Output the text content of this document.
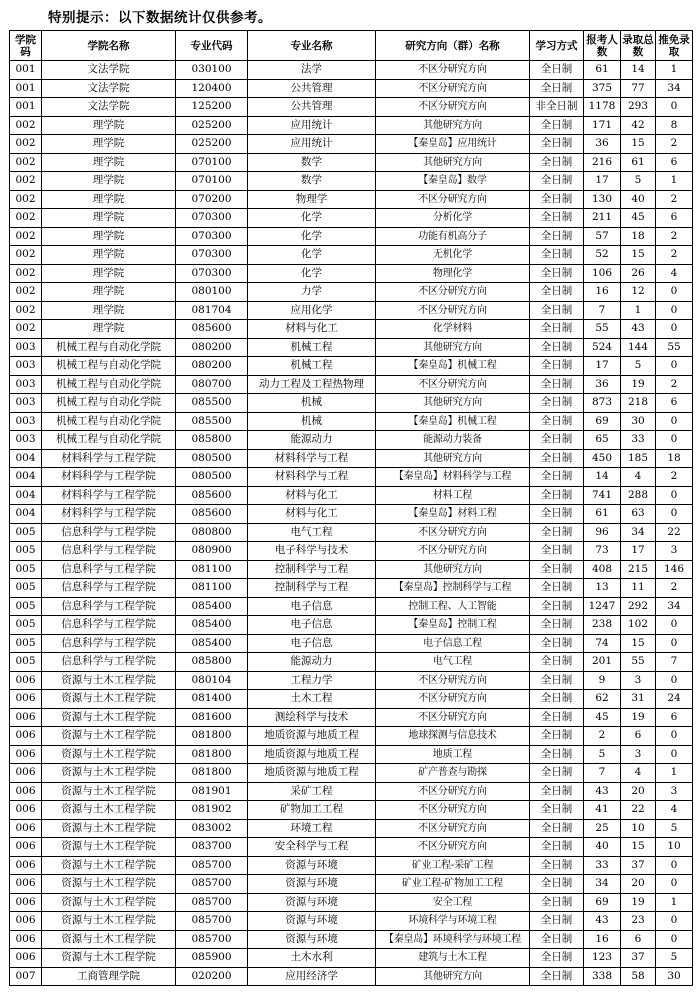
特别提示：以下数据统计仅供参考。
学院码	学院名称	专业代码	专业名称	研究方向（群）名称	学习方式	报考人数	录取总数	推免录取
001	文法学院	030100	法学	不区分研究方向	全日制	61	14	1
001	文法学院	120400	公共管理	不区分研究方向	全日制	375	77	34
001	文法学院	125200	公共管理	不区分研究方向	非全日制	1178	293	0
002	理学院	025200	应用统计	其他研究方向	全日制	171	42	8
002	理学院	025200	应用统计	【秦皇岛】应用统计	全日制	36	15	2
002	理学院	070100	数学	其他研究方向	全日制	216	61	6
002	理学院	070100	数学	【秦皇岛】数学	全日制	17	5	1
002	理学院	070200	物理学	不区分研究方向	全日制	130	40	2
002	理学院	070300	化学	分析化学	全日制	211	45	6
002	理学院	070300	化学	功能有机高分子	全日制	57	18	2
002	理学院	070300	化学	无机化学	全日制	52	15	2
002	理学院	070300	化学	物理化学	全日制	106	26	4
002	理学院	080100	力学	不区分研究方向	全日制	16	12	0
002	理学院	081704	应用化学	不区分研究方向	全日制	7	1	0
002	理学院	085600	材料与化工	化学材料	全日制	55	43	0
003	机械工程与自动化学院	080200	机械工程	其他研究方向	全日制	524	144	55
003	机械工程与自动化学院	080200	机械工程	【秦皇岛】机械工程	全日制	17	5	0
003	机械工程与自动化学院	080700	动力工程及工程热物理	不区分研究方向	全日制	36	19	2
003	机械工程与自动化学院	085500	机械	其他研究方向	全日制	873	218	6
003	机械工程与自动化学院	085500	机械	【秦皇岛】机械工程	全日制	69	30	0
003	机械工程与自动化学院	085800	能源动力	能源动力装备	全日制	65	33	0
004	材料科学与工程学院	080500	材料科学与工程	其他研究方向	全日制	450	185	18
004	材料科学与工程学院	080500	材料科学与工程	【秦皇岛】材料科学与工程	全日制	14	4	2
004	材料科学与工程学院	085600	材料与化工	材料工程	全日制	741	288	0
004	材料科学与工程学院	085600	材料与化工	【秦皇岛】材料工程	全日制	61	63	0
005	信息科学与工程学院	080800	电气工程	不区分研究方向	全日制	96	34	22
005	信息科学与工程学院	080900	电子科学与技术	不区分研究方向	全日制	73	17	3
005	信息科学与工程学院	081100	控制科学与工程	其他研究方向	全日制	408	215	146
005	信息科学与工程学院	081100	控制科学与工程	【秦皇岛】控制科学与工程	全日制	13	11	2
005	信息科学与工程学院	085400	电子信息	控制工程、人工智能	全日制	1247	292	34
005	信息科学与工程学院	085400	电子信息	【秦皇岛】控制工程	全日制	238	102	0
005	信息科学与工程学院	085400	电子信息	电子信息工程	全日制	74	15	0
005	信息科学与工程学院	085800	能源动力	电气工程	全日制	201	55	7
006	资源与土木工程学院	080104	工程力学	不区分研究方向	全日制	9	3	0
006	资源与土木工程学院	081400	土木工程	不区分研究方向	全日制	62	31	24
006	资源与土木工程学院	081600	测绘科学与技术	不区分研究方向	全日制	45	19	6
006	资源与土木工程学院	081800	地质资源与地质工程	地球探测与信息技术	全日制	2	6	0
006	资源与土木工程学院	081800	地质资源与地质工程	地质工程	全日制	5	3	0
006	资源与土木工程学院	081800	地质资源与地质工程	矿产普查与勘探	全日制	7	4	1
006	资源与土木工程学院	081901	采矿工程	不区分研究方向	全日制	43	20	3
006	资源与土木工程学院	081902	矿物加工工程	不区分研究方向	全日制	41	22	4
006	资源与土木工程学院	083002	环境工程	不区分研究方向	全日制	25	10	5
006	资源与土木工程学院	083700	安全科学与工程	不区分研究方向	全日制	40	15	10
006	资源与土木工程学院	085700	资源与环境	矿业工程-采矿工程	全日制	33	37	0
006	资源与土木工程学院	085700	资源与环境	矿业工程-矿物加工工程	全日制	34	20	0
006	资源与土木工程学院	085700	资源与环境	安全工程	全日制	69	19	1
006	资源与土木工程学院	085700	资源与环境	环境科学与环境工程	全日制	43	23	0
006	资源与土木工程学院	085700	资源与环境	【秦皇岛】环境科学与环境工程	全日制	16	6	0
006	资源与土木工程学院	085900	土木水利	建筑与土木工程	全日制	123	37	5
007	工商管理学院	020200	应用经济学	其他研究方向	全日制	338	58	30
